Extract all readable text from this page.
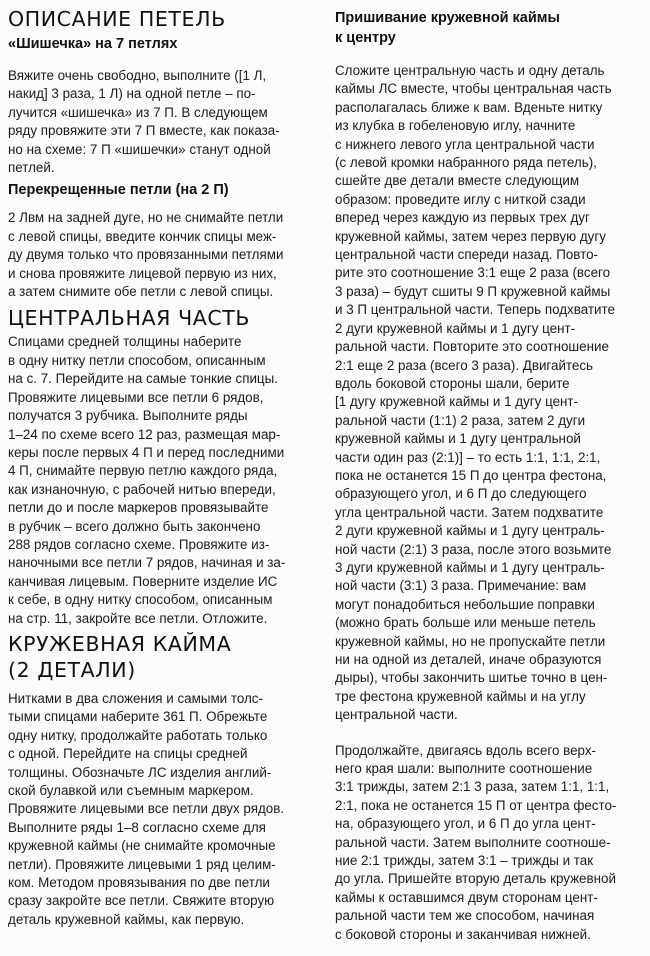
ОПИСАНИЕ ПЕТЕЛЬ
«Шишечка» на 7 петлях

Вяжите очень свободно, выполните ([1 Л,
накид] 3 раза, 1 Л) на одной петле – по-
лучится «шишечка» из 7 П. В следующем
ряду провяжите эти 7 П вместе, как показа-
но на схеме: 7 П «шишечки» станут одной
петлей.

Перекрещенные петли (на 2 П)

2 Лвм на задней дуге, но не снимайте петли
с левой спицы, введите кончик спицы меж-
ду двумя только что провязанными петлями
и снова провяжите лицевой первую из них,
а затем снимите обе петли с левой спицы.

ЦЕНТРАЛЬНАЯ ЧАСТЬ

Спицами средней толщины наберите
в одну нитку петли способом, описанным
на с. 7. Перейдите на самые тонкие спицы.
Провяжите лицевыми все петли 6 рядов,
получатся 3 рубчика. Выполните ряды
1–24 по схеме всего 12 раз, размещая мар-
керы после первых 4 П и перед последними
4 П, снимайте первую петлю каждого ряда,
как изнаночную, с рабочей нитью впереди,
петли до и после маркеров провязывайте
в рубчик – всего должно быть закончено
288 рядов согласно схеме. Провяжите из-
наночными все петли 7 рядов, начиная и за-
канчивая лицевым. Поверните изделие ИС
к себе, в одну нитку способом, описанным
на стр. 11, закройте все петли. Отложите.

КРУЖЕВНАЯ КАЙМА
(2 ДЕТАЛИ)

Нитками в два сложения и самыми толс-
тыми спицами наберите 361 П. Обрежьте
одну нитку, продолжайте работать только
с одной. Перейдите на спицы средней
толщины. Обозначьте ЛС изделия англий-
ской булавкой или съемным маркером.
Провяжите лицевыми все петли двух рядов.
Выполните ряды 1–8 согласно схеме для
кружевной каймы (не снимайте кромочные
петли). Провяжите лицевыми 1 ряд целим-
ком. Методом провязывания по две петли
сразу закройте все петли. Свяжите вторую
деталь кружевной каймы, как первую.

Пришивание кружевной каймы
к центру

Сложите центральную часть и одну деталь
каймы ЛС вместе, чтобы центральная часть
располагалась ближе к вам. Вденьте нитку
из клубка в гобеленовую иглу, начните
с нижнего левого угла центральной части
(с левой кромки набранного ряда петель),
сшейте две детали вместе следующим
образом: проведите иглу с ниткой сзади
вперед через каждую из первых трех дуг
кружевной каймы, затем через первую дугу
центральной части спереди назад. Повто-
рите это соотношение 3:1 еще 2 раза (всего
3 раза) – будут сшиты 9 П кружевной каймы
и 3 П центральной части. Теперь подхватите
2 дуги кружевной каймы и 1 дугу цент-
ральной части. Повторите это соотношение
2:1 еще 2 раза (всего 3 раза). Двигайтесь
вдоль боковой стороны шали, берите
[1 дугу кружевной каймы и 1 дугу цент-
ральной части (1:1) 2 раза, затем 2 дуги
кружевной каймы и 1 дугу центральной
части один раз (2:1)] – то есть 1:1, 1:1, 2:1,
пока не останется 15 П до центра фестона,
образующего угол, и 6 П до следующего
угла центральной части. Затем подхватите
2 дуги кружевной каймы и 1 дугу централь-
ной части (2:1) 3 раза, после этого возьмите
3 дуги кружевной каймы и 1 дугу централь-
ной части (3:1) 3 раза. Примечание: вам
могут понадобиться небольшие поправки
(можно брать больше или меньше петель
кружевной каймы, но не пропускайте петли
ни на одной из деталей, иначе образуются
дыры), чтобы закончить шитье точно в цен-
тре фестона кружевной каймы и на углу
центральной части.

Продолжайте, двигаясь вдоль всего верх-
него края шали: выполните соотношение
3:1 трижды, затем 2:1 3 раза, затем 1:1, 1:1,
2:1, пока не останется 15 П от центра фесто-
на, образующего угол, и 6 П до угла цент-
ральной части. Затем выполните соотноше-
ние 2:1 трижды, затем 3:1 – трижды и так
до угла. Пришейте вторую деталь кружевной
каймы к оставшимся двум сторонам цент-
ральной части тем же способом, начиная
с боковой стороны и заканчивая нижней.
